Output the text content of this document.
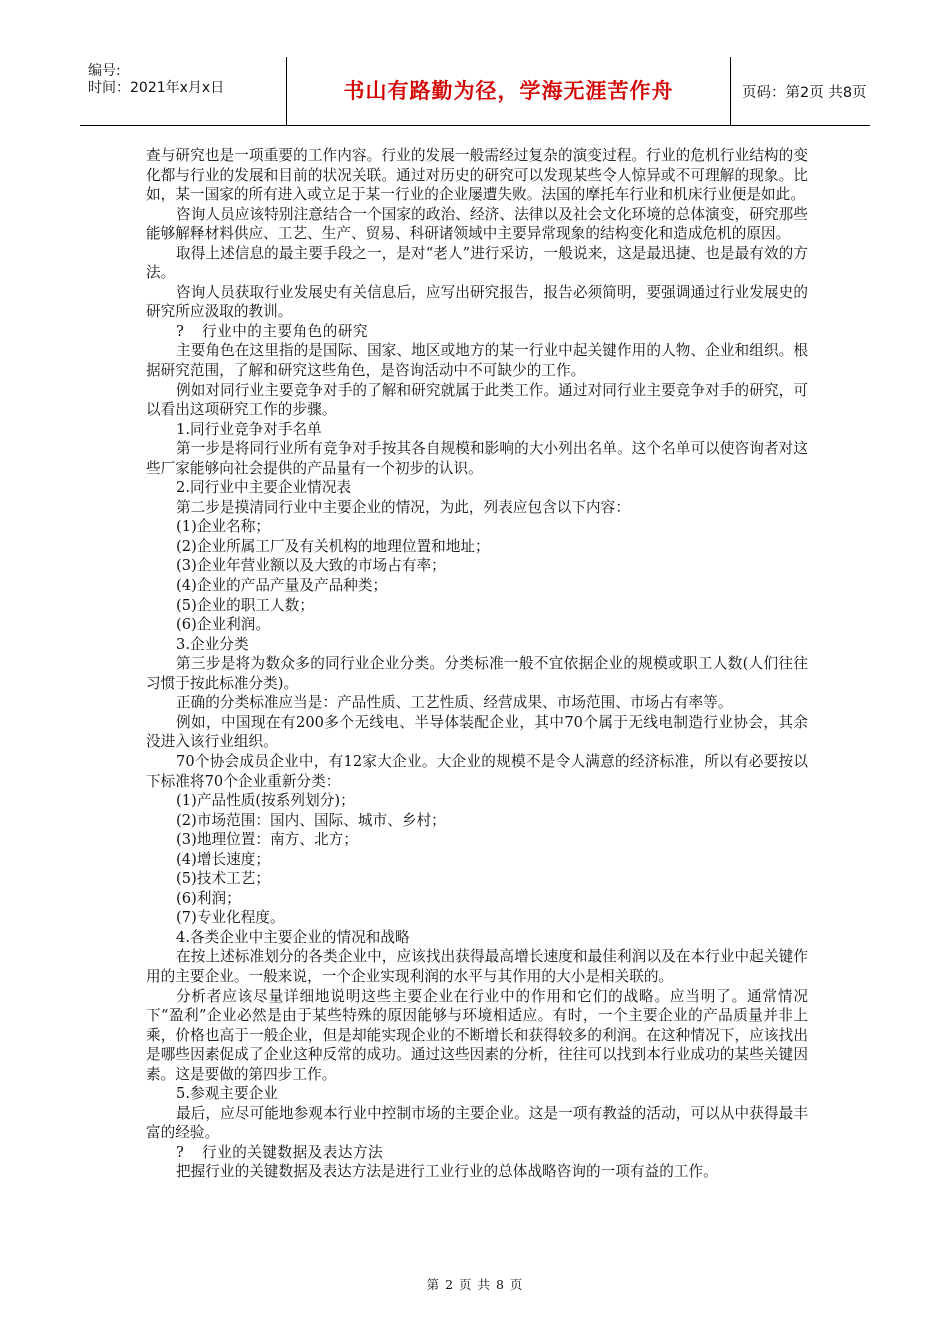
编号:
时间：2021年x月x日	书山有路勤为径，学海无涯苦作舟	页码：第2页 共8页

查与研究也是一项重要的工作内容。行业的发展一般需经过复杂的演变过程。行业的危机行业结构的变化都与行业的发展和目前的状况关联。通过对历史的研究可以发现某些令人惊异或不可理解的现象。比如，某一国家的所有进入或立足于某一行业的企业屡遭失败。法国的摩托车行业和机床行业便是如此。

咨询人员应该特别注意结合一个国家的政治、经济、法律以及社会文化环境的总体演变，研究那些能够解释材料供应、工艺、生产、贸易、科研诸领域中主要异常现象的结构变化和造成危机的原因。

取得上述信息的最主要手段之一，是对“老人”进行采访，一般说来，这是最迅捷、也是最有效的方法。

咨询人员获取行业发展史有关信息后，应写出研究报告，报告必须简明，要强调通过行业发展史的研究所应汲取的教训。

? 行业中的主要角色的研究

主要角色在这里指的是国际、国家、地区或地方的某一行业中起关键作用的人物、企业和组织。根据研究范围，了解和研究这些角色，是咨询活动中不可缺少的工作。

例如对同行业主要竞争对手的了解和研究就属于此类工作。通过对同行业主要竞争对手的研究，可以看出这项研究工作的步骤。

1.同行业竞争对手名单

第一步是将同行业所有竞争对手按其各自规模和影响的大小列出名单。这个名单可以使咨询者对这些厂家能够向社会提供的产品量有一个初步的认识。

2.同行业中主要企业情况表

第二步是摸清同行业中主要企业的情况，为此，列表应包含以下内容：

(1)企业名称；

(2)企业所属工厂及有关机构的地理位置和地址；

(3)企业年营业额以及大致的市场占有率；

(4)企业的产品产量及产品种类；

(5)企业的职工人数；

(6)企业利润。

3.企业分类

第三步是将为数众多的同行业企业分类。分类标准一般不宜依据企业的规模或职工人数(人们往往习惯于按此标准分类)。

正确的分类标准应当是：产品性质、工艺性质、经营成果、市场范围、市场占有率等。

例如，中国现在有200多个无线电、半导体装配企业，其中70个属于无线电制造行业协会，其余没进入该行业组织。

70个协会成员企业中，有12家大企业。大企业的规模不是令人满意的经济标准，所以有必要按以下标准将70个企业重新分类：

(1)产品性质(按系列划分)；

(2)市场范围：国内、国际、城市、乡村；

(3)地理位置：南方、北方；

(4)增长速度；

(5)技术工艺；

(6)利润；

(7)专业化程度。

4.各类企业中主要企业的情况和战略

在按上述标准划分的各类企业中，应该找出获得最高增长速度和最佳利润以及在本行业中起关键作用的主要企业。一般来说，一个企业实现利润的水平与其作用的大小是相关联的。

分析者应该尽量详细地说明这些主要企业在行业中的作用和它们的战略。应当明了。通常情况下“盈利”企业必然是由于某些特殊的原因能够与环境相适应。有时，一个主要企业的产品质量并非上乘，价格也高于一般企业，但是却能实现企业的不断增长和获得较多的利润。在这种情况下，应该找出是哪些因素促成了企业这种反常的成功。通过这些因素的分析，往往可以找到本行业成功的某些关键因素。这是要做的第四步工作。

5.参观主要企业

最后，应尽可能地参观本行业中控制市场的主要企业。这是一项有教益的活动，可以从中获得最丰富的经验。

? 行业的关键数据及表达方法

把握行业的关键数据及表达方法是进行工业行业的总体战略咨询的一项有益的工作。

第 2 页 共 8 页
